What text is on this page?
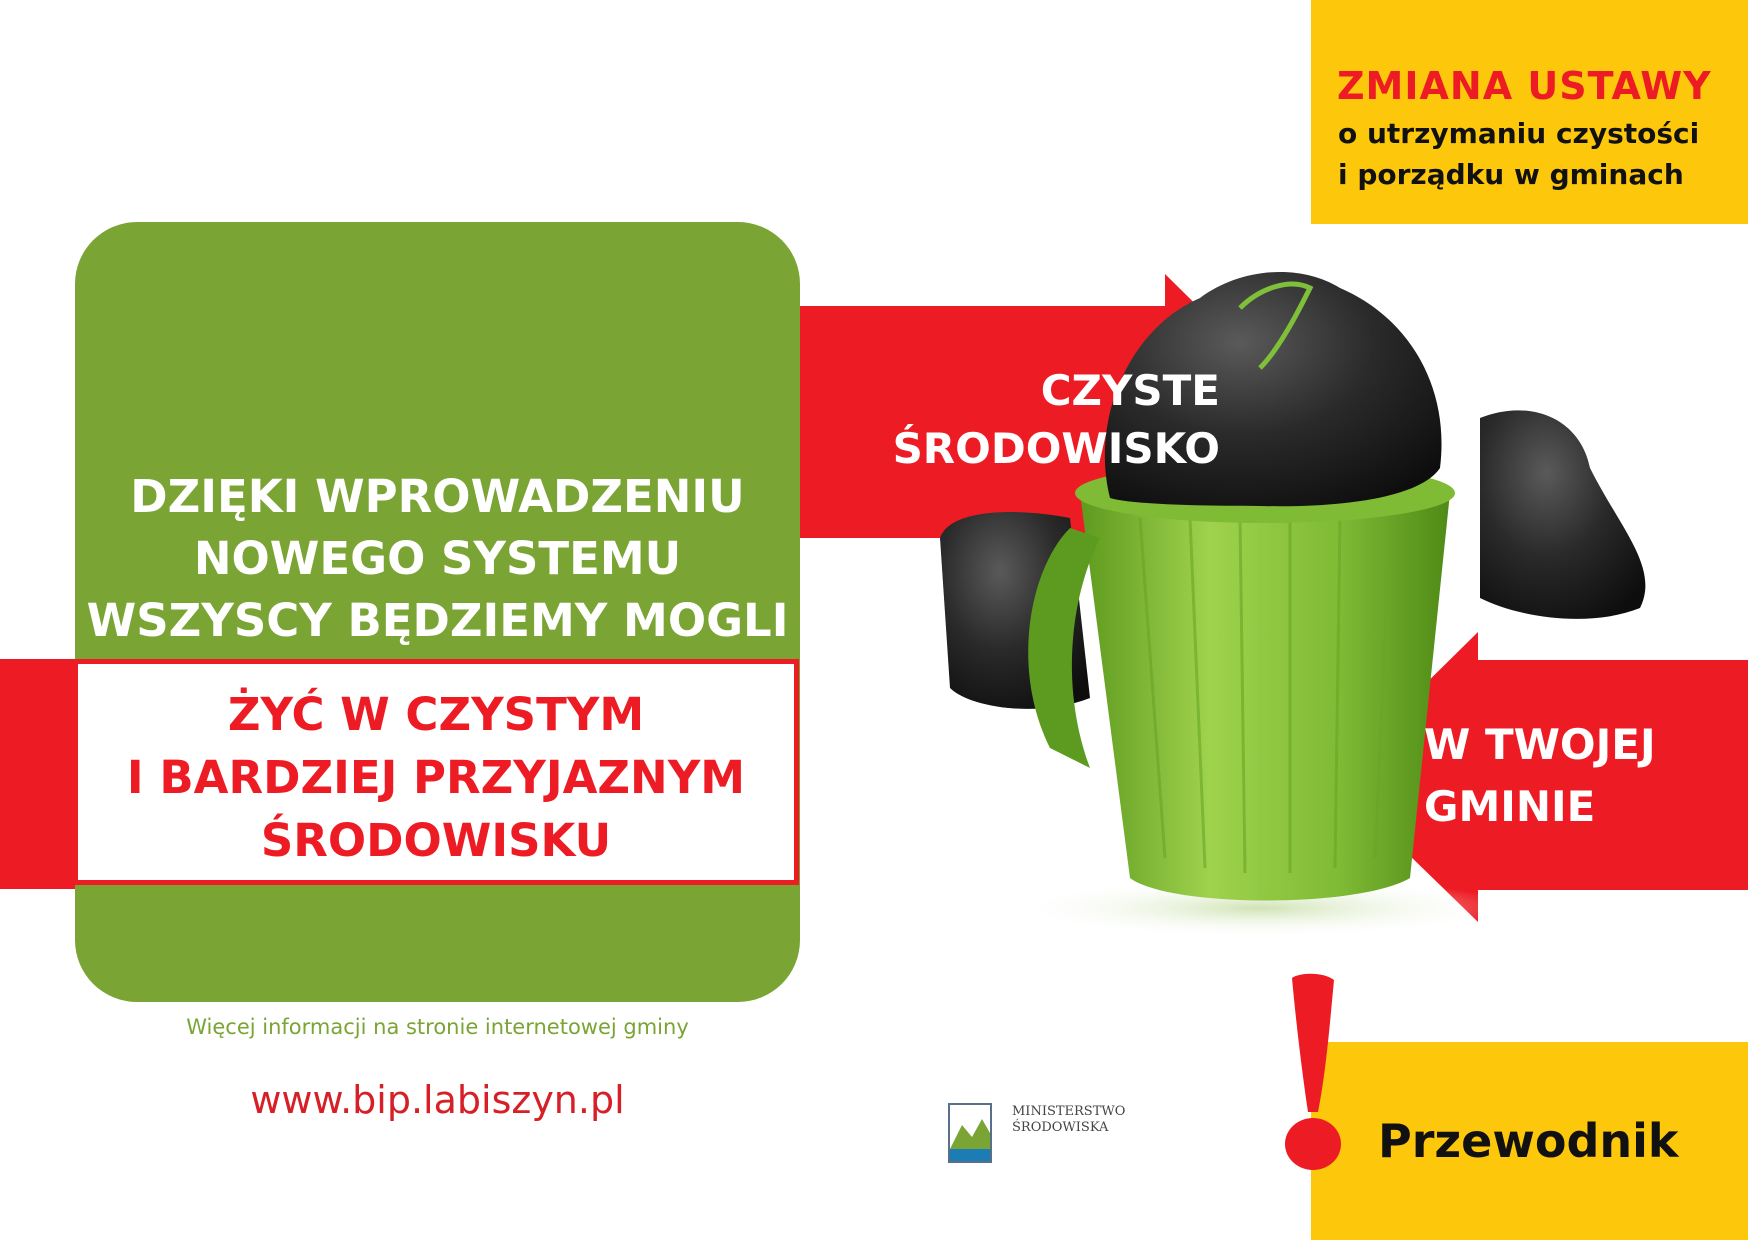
ZMIANA USTAWY
o utrzymaniu czystości
i porządku w gminach
DZIĘKI WPROWADZENIU
NOWEGO SYSTEMU
WSZYSCY BĘDZIEMY MOGLI
ŻYĆ W CZYSTYM
I BARDZIEJ PRZYJAZNYM
ŚRODOWISKU
CZYSTE
ŚRODOWISKO
W TWOJEJ
GMINIE
Więcej informacji na stronie internetowej gminy
www.bip.labiszyn.pl	MINISTERSTWO
ŚRODOWISKA	Przewodnik
